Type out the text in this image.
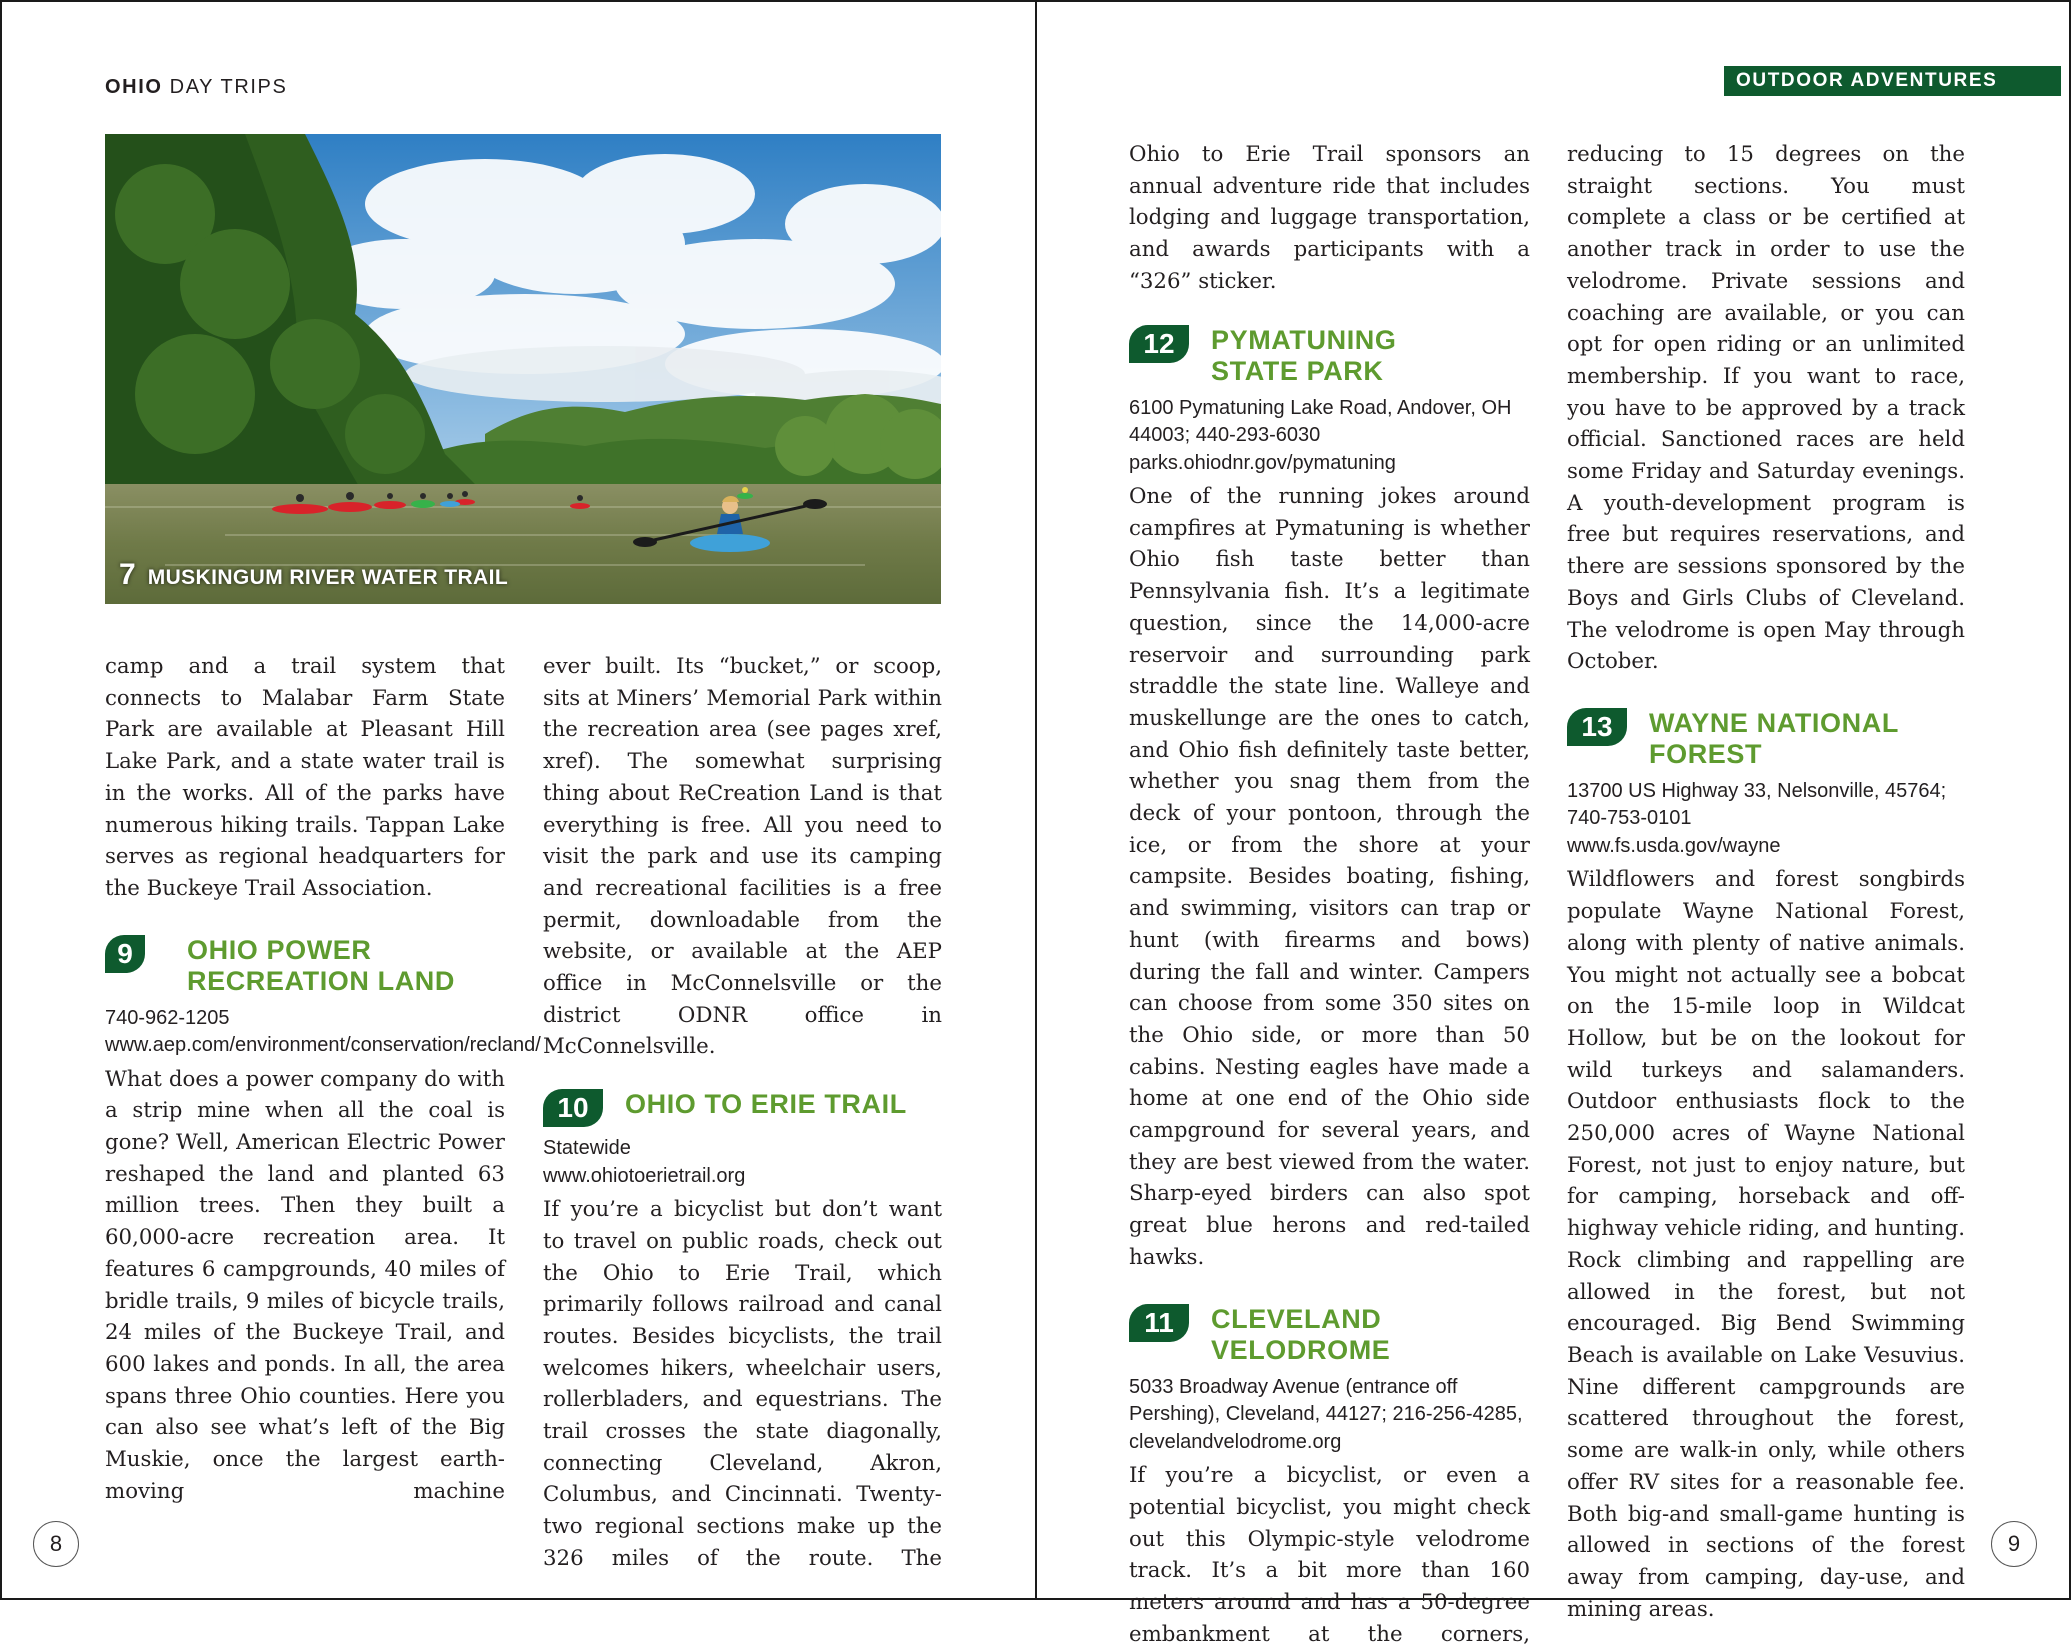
OHIO DAY TRIPS
7 MUSKINGUM RIVER WATER TRAIL

camp and a trail system that connects to Malabar Farm State Park are available at Pleasant Hill Lake Park, and a state water trail is in the works. All of the parks have numerous hiking trails. Tappan Lake serves as regional headquarters for the Buckeye Trail Association.

9	OHIO POWER RECREATION LAND
740-962-1205
www.aep.com/environment/conservation/recland/

What does a power company do with a strip mine when all the coal is gone? Well, American Electric Power reshaped the land and planted 63 million trees. Then they built a 60,000-acre recreation area. It features 6 campgrounds, 40 miles of bridle trails, 9 miles of bicycle trails, 24 miles of the Buckeye Trail, and 600 lakes and ponds. In all, the area spans three Ohio counties. Here you can also see what’s left of the Big Muskie, once the largest earth-moving machine

ever built. Its “bucket,” or scoop, sits at Miners’ Memorial Park within the recreation area (see pages xref, xref). The somewhat surprising thing about ReCreation Land is that everything is free. All you need to visit the park and use its camping and recreational facilities is a free permit, downloadable from the website, or available at the AEP office in McConnelsville or the district ODNR office in McConnelsville.

10	OHIO TO ERIE TRAIL
Statewide
www.ohiotoerietrail.org

If you’re a bicyclist but don’t want to travel on public roads, check out the Ohio to Erie Trail, which primarily follows railroad and canal routes. Besides bicyclists, the trail welcomes hikers, wheelchair users, rollerbladers, and equestrians. The trail crosses the state diagonally, connecting Cleveland, Akron, Columbus, and Cincinnati. Twenty-two regional sections make up the 326 miles of the route. The

8
OUTDOOR ADVENTURES

Ohio to Erie Trail sponsors an annual adventure ride that includes lodging and luggage transportation, and awards participants with a “326” sticker.

12	PYMATUNING STATE PARK
6100 Pymatuning Lake Road, Andover, OH 44003; 440-293-6030
parks.ohiodnr.gov/pymatuning

One of the running jokes around campfires at Pymatuning is whether Ohio fish taste better than Pennsylvania fish. It’s a legitimate question, since the 14,000-acre reservoir and surrounding park straddle the state line. Walleye and muskellunge are the ones to catch, and Ohio fish definitely taste better, whether you snag them from the deck of your pontoon, through the ice, or from the shore at your campsite. Besides boating, fishing, and swimming, visitors can trap or hunt (with firearms and bows) during the fall and winter. Campers can choose from some 350 sites on the Ohio side, or more than 50 cabins. Nesting eagles have made a home at one end of the Ohio side campground for several years, and they are best viewed from the water. Sharp-eyed birders can also spot great blue herons and red-tailed hawks.

11	CLEVELAND VELODROME
5033 Broadway Avenue (entrance off Pershing), Cleveland, 44127; 216-256-4285, clevelandvelodrome.org

If you’re a bicyclist, or even a potential bicyclist, you might check out this Olympic-style velodrome track. It’s a bit more than 160 meters around and has a 50-degree embankment at the corners,

reducing to 15 degrees on the straight sections. You must complete a class or be certified at another track in order to use the velodrome. Private sessions and coaching are available, or you can opt for open riding or an unlimited membership. If you want to race, you have to be approved by a track official. Sanctioned races are held some Friday and Saturday evenings. A youth-development program is free but requires reservations, and there are sessions sponsored by the Boys and Girls Clubs of Cleveland. The velodrome is open May through October.

13	WAYNE NATIONAL FOREST
13700 US Highway 33, Nelsonville, 45764; 740-753-0101
www.fs.usda.gov/wayne

Wildflowers and forest songbirds populate Wayne National Forest, along with plenty of native animals. You might not actually see a bobcat on the 15-mile loop in Wildcat Hollow, but be on the lookout for wild turkeys and salamanders. Outdoor enthusiasts flock to the 250,000 acres of Wayne National Forest, not just to enjoy nature, but for camping, horseback and off-highway vehicle riding, and hunting. Rock climbing and rappelling are allowed in the forest, but not encouraged. Big Bend Swimming Beach is available on Lake Vesuvius. Nine different campgrounds are scattered throughout the forest, some are walk-in only, while others offer RV sites for a reasonable fee. Both big-and small-game hunting is allowed in sections of the forest away from camping, day-use, and mining areas.

9
